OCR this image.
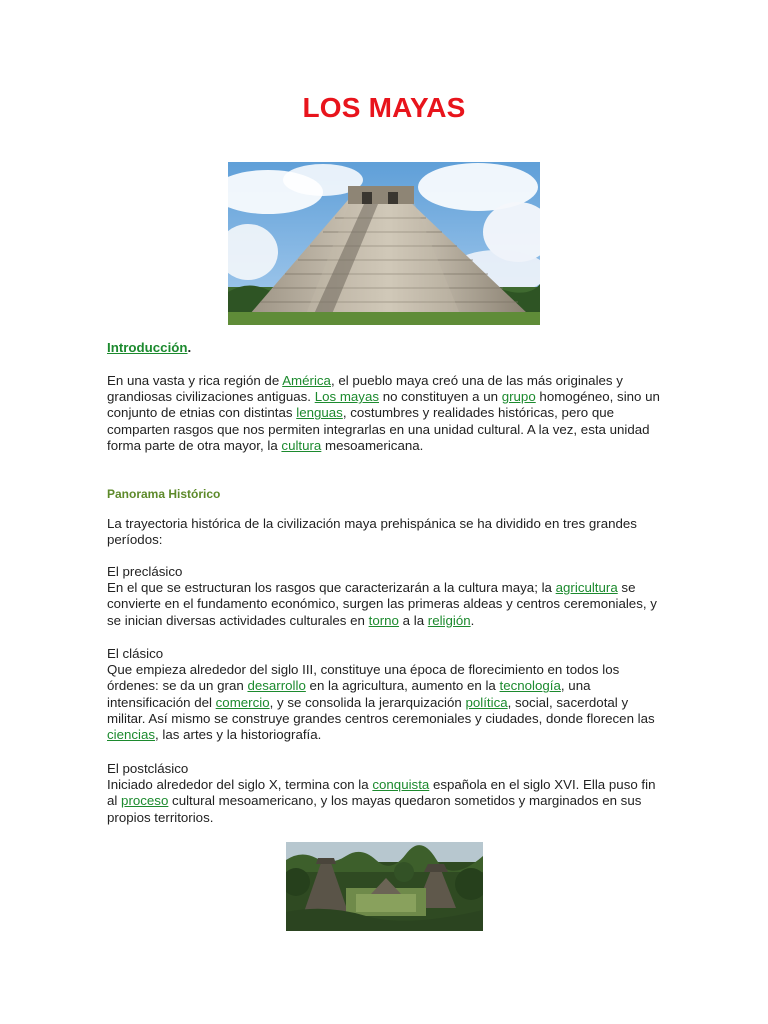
LOS MAYAS
Introducción.

En una vasta y rica región de América, el pueblo maya creó una de las más originales y grandiosas civilizaciones antiguas. Los mayas no constituyen a un grupo homogéneo, sino un conjunto de etnias con distintas lenguas, costumbres y realidades históricas, pero que comparten rasgos que nos permiten integrarlas en una unidad cultural. A la vez, esta unidad forma parte de otra mayor, la cultura mesoamericana.

Panorama Histórico

La trayectoria histórica de la civilización maya prehispánica se ha dividido en tres grandes períodos:

El preclásico

En el que se estructuran los rasgos que caracterizarán a la cultura maya; la agricultura se convierte en el fundamento económico, surgen las primeras aldeas y centros ceremoniales, y se inician diversas actividades culturales en torno a la religión.

El clásico

Que empieza alrededor del siglo III, constituye una época de florecimiento en todos los órdenes: se da un gran desarrollo en la agricultura, aumento en la tecnología, una intensificación del comercio, y se consolida la jerarquización política, social, sacerdotal y militar. Así mismo se construye grandes centros ceremoniales y ciudades, donde florecen las ciencias, las artes y la historiografía.

El postclásico

Iniciado alrededor del siglo X, termina con la conquista española en el siglo XVI. Ella puso fin al proceso cultural mesoamericano, y los mayas quedaron sometidos y marginados en sus propios territorios.
